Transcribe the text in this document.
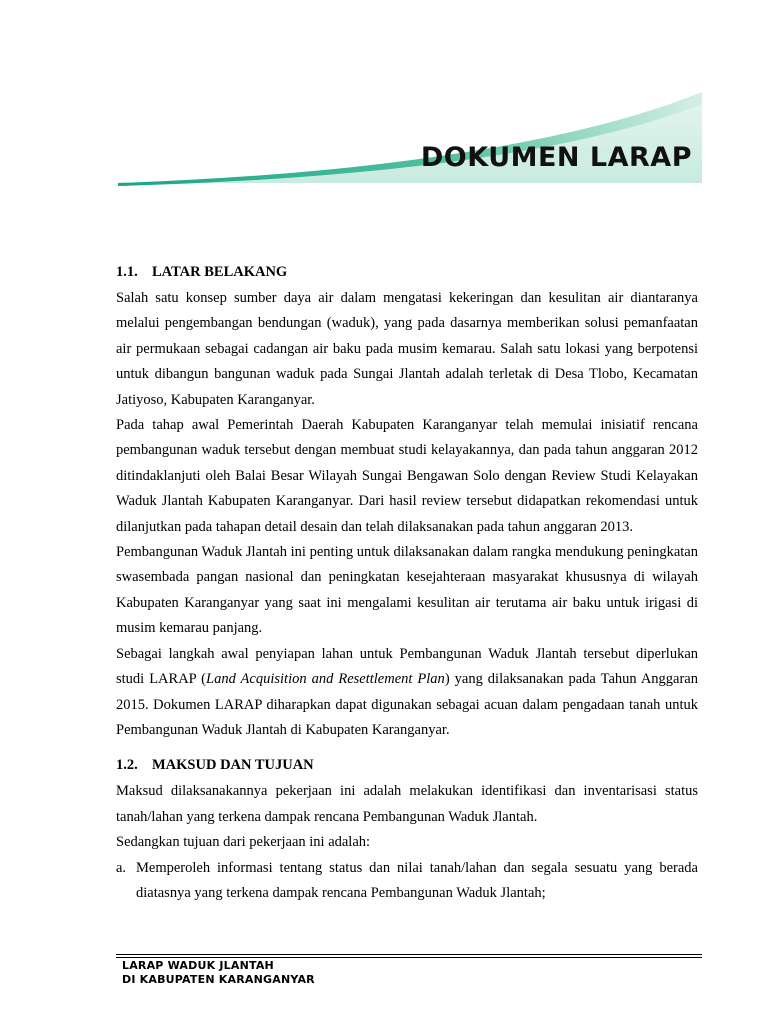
DOKUMEN LARAP
1.1. LATAR BELAKANG

Salah satu konsep sumber daya air dalam mengatasi kekeringan dan kesulitan air diantaranya melalui pengembangan bendungan (waduk), yang pada dasarnya memberikan solusi pemanfaatan air permukaan sebagai cadangan air baku pada musim kemarau. Salah satu lokasi yang berpotensi untuk dibangun bangunan waduk pada Sungai Jlantah adalah terletak di Desa Tlobo, Kecamatan Jatiyoso, Kabupaten Karanganyar.

Pada tahap awal Pemerintah Daerah Kabupaten Karanganyar telah memulai inisiatif rencana pembangunan waduk tersebut dengan membuat studi kelayakannya, dan pada tahun anggaran 2012 ditindaklanjuti oleh Balai Besar Wilayah Sungai Bengawan Solo dengan Review Studi Kelayakan Waduk Jlantah Kabupaten Karanganyar. Dari hasil review tersebut didapatkan rekomendasi untuk dilanjutkan pada tahapan detail desain dan telah dilaksanakan pada tahun anggaran 2013.

Pembangunan Waduk Jlantah ini penting untuk dilaksanakan dalam rangka mendukung peningkatan swasembada pangan nasional dan peningkatan kesejahteraan masyarakat khususnya di wilayah Kabupaten Karanganyar yang saat ini mengalami kesulitan air terutama air baku untuk irigasi di musim kemarau panjang.

Sebagai langkah awal penyiapan lahan untuk Pembangunan Waduk Jlantah tersebut diperlukan studi LARAP (Land Acquisition and Resettlement Plan) yang dilaksanakan pada Tahun Anggaran 2015. Dokumen LARAP diharapkan dapat digunakan sebagai acuan dalam pengadaan tanah untuk Pembangunan Waduk Jlantah di Kabupaten Karanganyar.

1.2. MAKSUD DAN TUJUAN

Maksud dilaksanakannya pekerjaan ini adalah melakukan identifikasi dan inventarisasi status tanah/lahan yang terkena dampak rencana Pembangunan Waduk Jlantah.

Sedangkan tujuan dari pekerjaan ini adalah:

a. Memperoleh informasi tentang status dan nilai tanah/lahan dan segala sesuatu yang berada diatasnya yang terkena dampak rencana Pembangunan Waduk Jlantah;
LARAP WADUK JLANTAH
DI KABUPATEN KARANGANYAR
